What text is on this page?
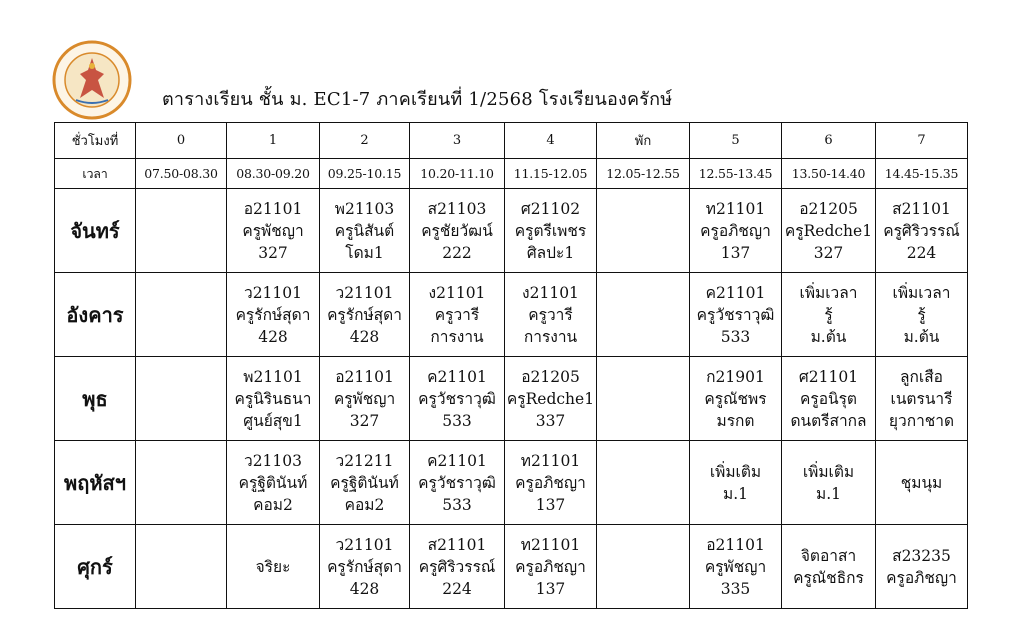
ตารางเรียน ชั้น ม. EC1-7 ภาคเรียนที่ 1/2568 โรงเรียนองครักษ์
ชั่วโมงที่	0	1	2	3	4	พัก	5	6	7
เวลา	07.50-08.30	08.30-09.20	09.25-10.15	10.20-11.10	11.15-12.05	12.05-12.55	12.55-13.45	13.50-14.40	14.45-15.35
จันทร์		อ21101
ครูพัชญา
327	พ21103
ครูนิสันต์
โดม1	ส21103
ครูชัยวัฒน์
222	ศ21102
ครูตรีเพชร
ศิลปะ1		ท21101
ครูอภิชญา
137	อ21205
ครูRedche1
327	ส21101
ครูศิริวรรณ์
224

อังคาร		ว21101
ครูรักษ์สุดา
428	ว21101
ครูรักษ์สุดา
428	ง21101
ครูวารี
การงาน	ง21101
ครูวารี
การงาน		ค21101
ครูวัชราวุฒิ
533	เพิ่มเวลา
รู้
ม.ต้น	เพิ่มเวลา
รู้
ม.ต้น

พุธ		พ21101
ครูนิรินธนา
ศูนย์สุข1	อ21101
ครูพัชญา
327	ค21101
ครูวัชราวุฒิ
533	อ21205
ครูRedche1
337		ก21901
ครูณัชพร
มรกต	ศ21101
ครูอนิรุต
ดนตรีสากล	ลูกเสือ
เนตรนารี
ยุวกาชาด

พฤหัสฯ		ว21103
ครูฐิตินันท์
คอม2	ว21211
ครูฐิตินันท์
คอม2	ค21101
ครูวัชราวุฒิ
533	ท21101
ครูอภิชญา
137		เพิ่มเติม
ม.1	เพิ่มเติม
ม.1	ชุมนุม

ศุกร์		จริยะ	ว21101
ครูรักษ์สุดา
428	ส21101
ครูศิริวรรณ์
224	ท21101
ครูอภิชญา
137		อ21101
ครูพัชญา
335	จิตอาสา
ครูณัชธิกร	ส23235
ครูอภิชญา
